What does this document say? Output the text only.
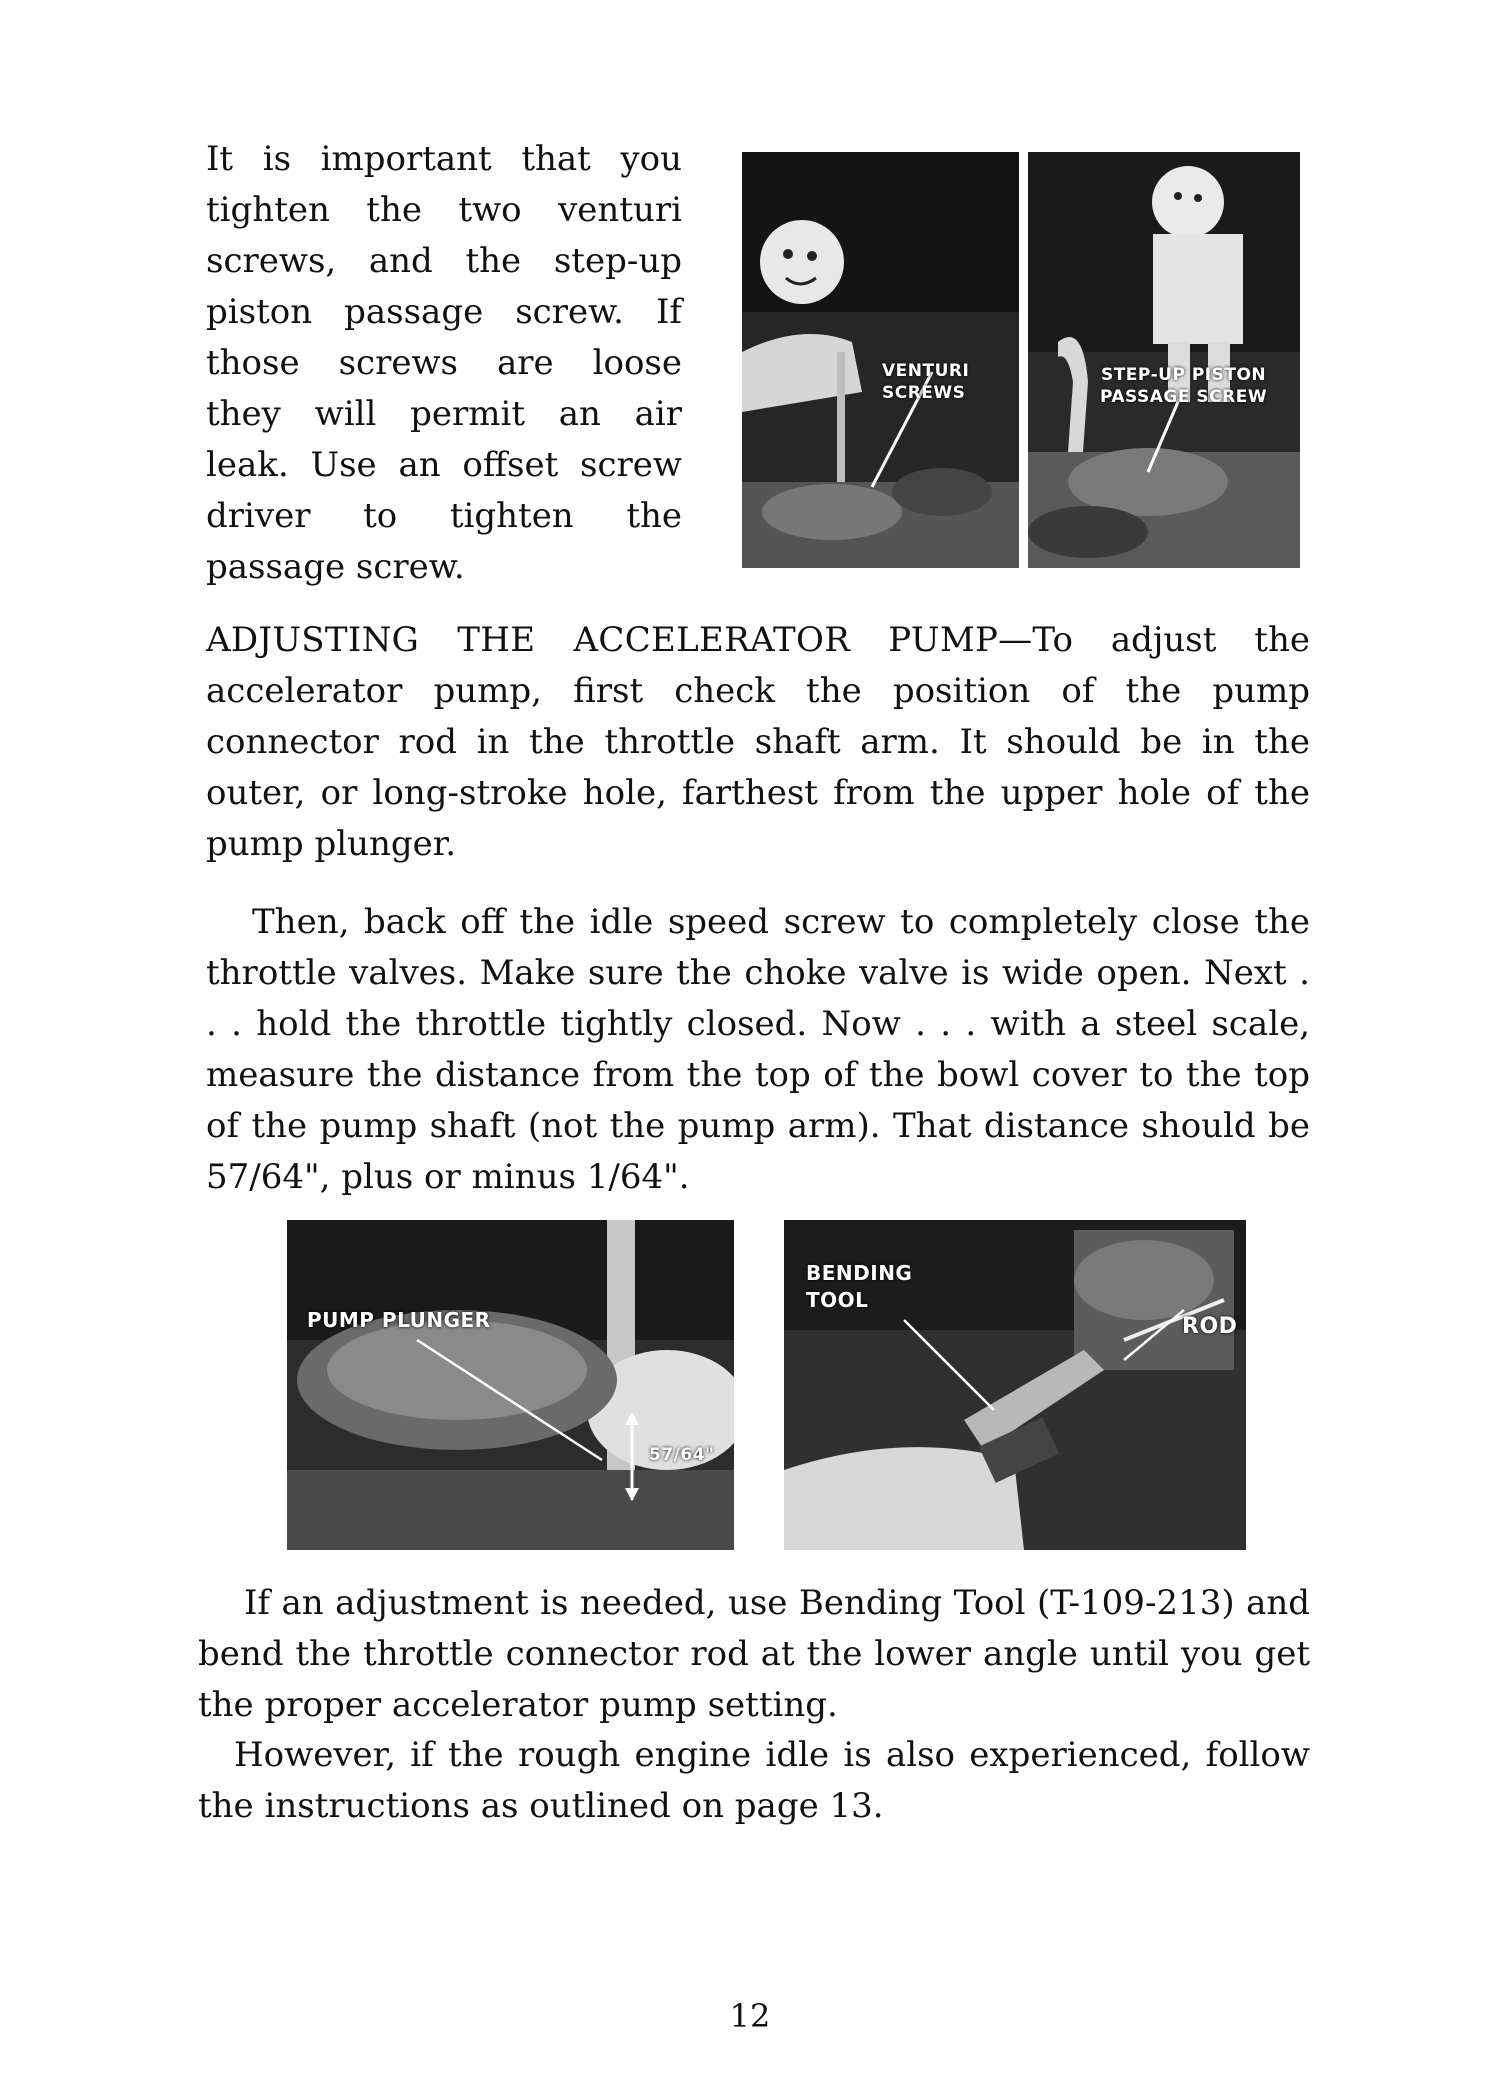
It is important that you tighten the two venturi screws, and the step-up piston passage screw. If those screws are loose they will permit an air leak. Use an offset screw driver to tighten the passage screw.

VENTURI
SCREWS
STEP-UP PISTON
PASSAGE SCREW

ADJUSTING THE ACCELERATOR PUMP—To adjust the accelerator pump, first check the position of the pump connector rod in the throttle shaft arm. It should be in the outer, or long-stroke hole, farthest from the upper hole of the pump plunger.

Then, back off the idle speed screw to completely close the throttle valves. Make sure the choke valve is wide open. Next . . . hold the throttle tightly closed. Now . . . with a steel scale, measure the distance from the top of the bowl cover to the top of the pump shaft (not the pump arm). That distance should be 57/64", plus or minus 1/64".

PUMP PLUNGER
57/64"
BENDING
TOOL
ROD

If an adjustment is needed, use Bending Tool (T-109-213) and bend the throttle connector rod at the lower angle until you get the proper accelerator pump setting.

However, if the rough engine idle is also experienced, follow the instructions as outlined on page 13.

12
